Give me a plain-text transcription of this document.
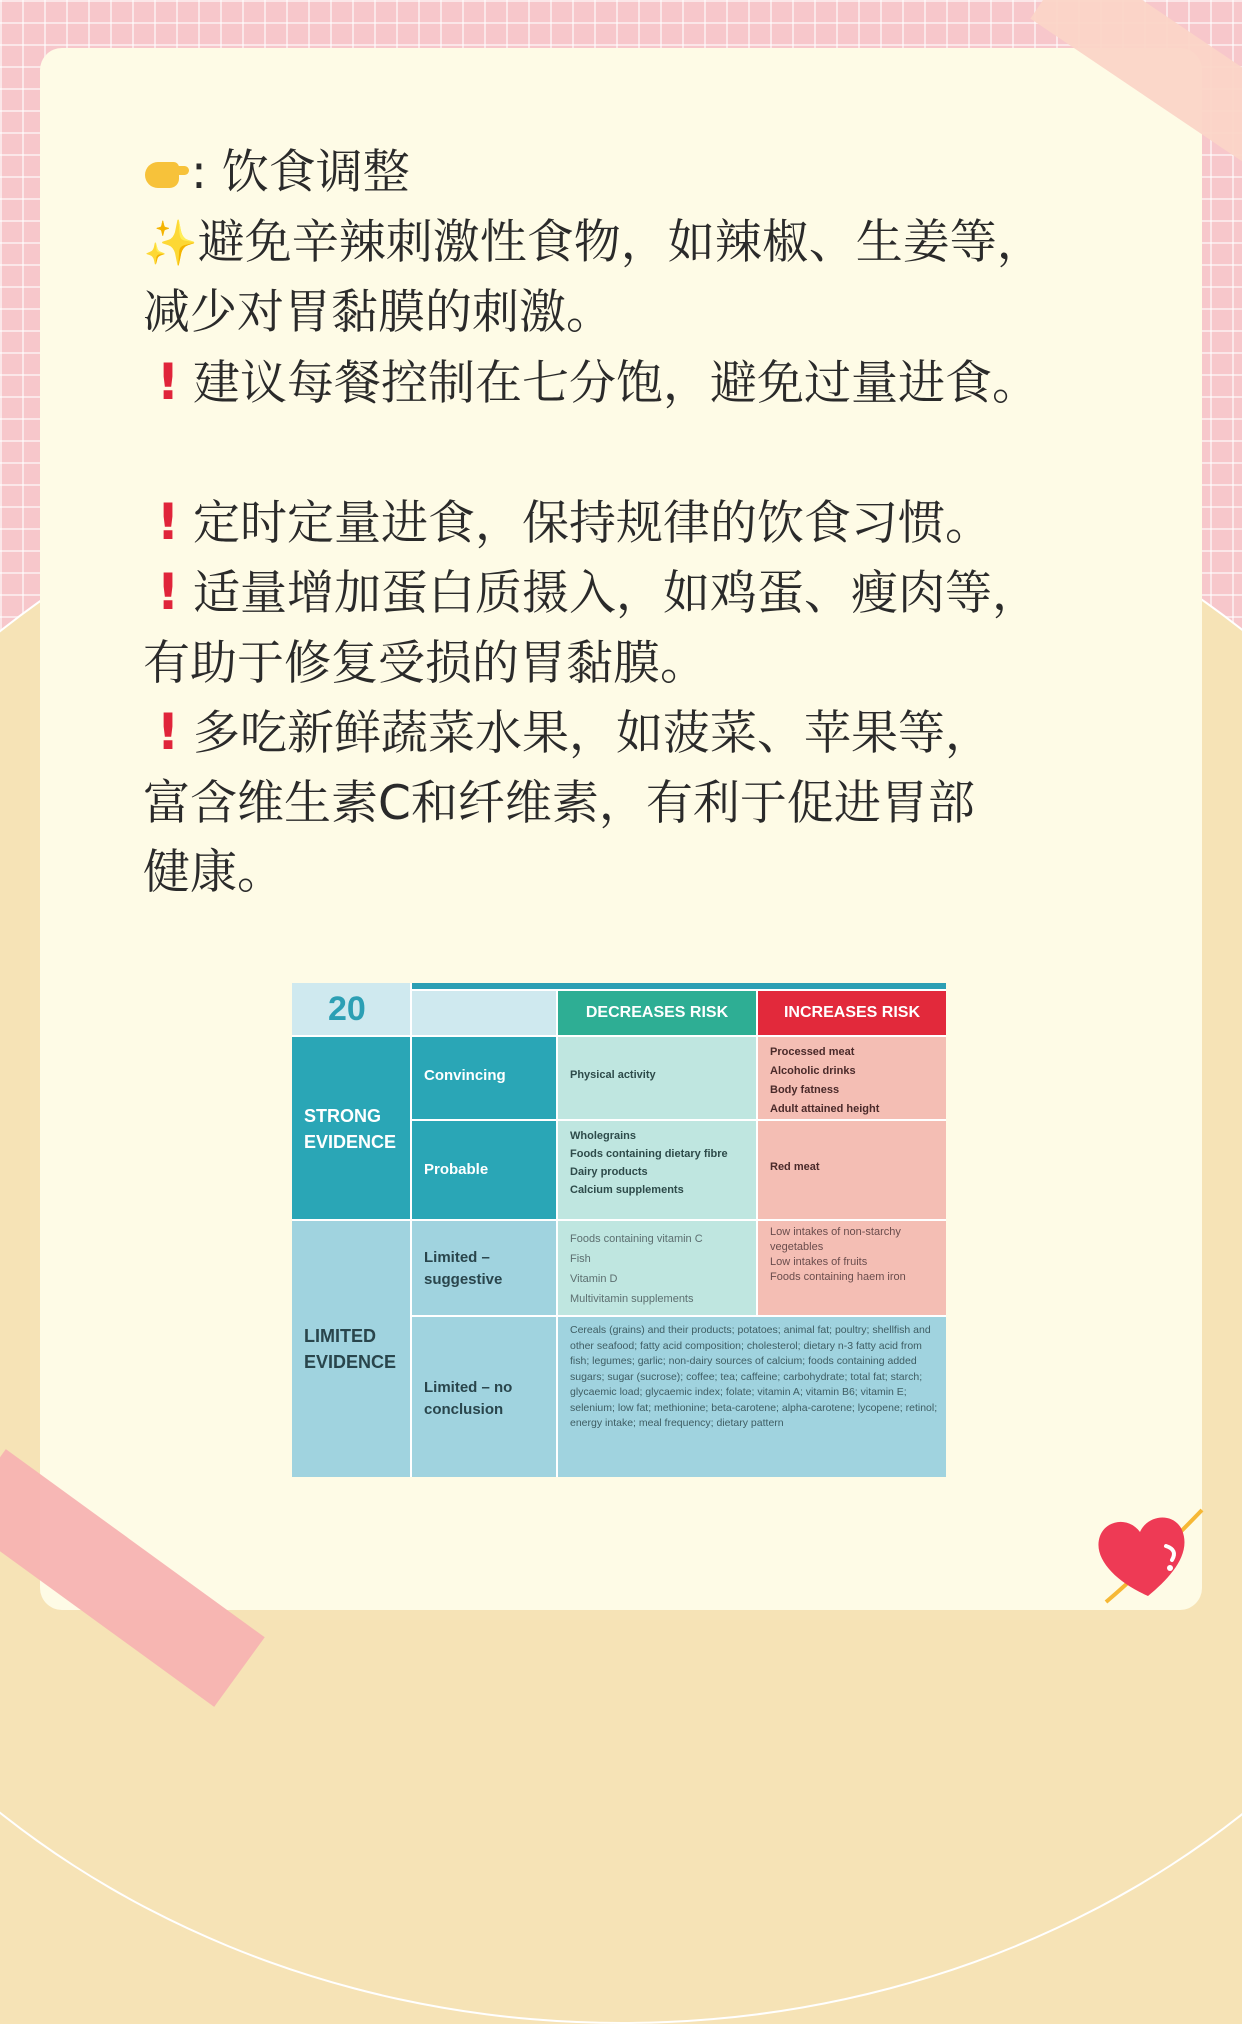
: 饮食调整
✨避免辛辣刺激性食物，如辣椒、生姜等，
减少对胃黏膜的刺激。
! 建议每餐控制在七分饱，避免过量进食。
! 定时定量进食，保持规律的饮食习惯。
! 适量增加蛋白质摄入，如鸡蛋、瘦肉等，
有助于修复受损的胃黏膜。
! 多吃新鲜蔬菜水果，如菠菜、苹果等，
富含维生素C和纤维素，有利于促进胃部
健康。
20	DECREASES RISK	INCREASES RISK
STRONG EVIDENCE
LIMITED EVIDENCE
Convincing
Probable
Limited – suggestive
Limited – no conclusion
Physical activity
Processed meat
Alcoholic drinks
Body fatness
Adult attained height
Wholegrains
Foods containing dietary fibre
Dairy products
Calcium supplements
Red meat
Foods containing vitamin C
Fish
Vitamin D
Multivitamin supplements
Low intakes of non-starchy vegetables
Low intakes of fruits
Foods containing haem iron
Cereals (grains) and their products; potatoes; animal fat; poultry; shellfish and other seafood; fatty acid composition; cholesterol; dietary n-3 fatty acid from fish; legumes; garlic; non-dairy sources of calcium; foods containing added sugars; sugar (sucrose); coffee; tea; caffeine; carbohydrate; total fat; starch; glycaemic load; glycaemic index; folate; vitamin A; vitamin B6; vitamin E; selenium; low fat; methionine; beta-carotene; alpha-carotene; lycopene; retinol; energy intake; meal frequency; dietary pattern
